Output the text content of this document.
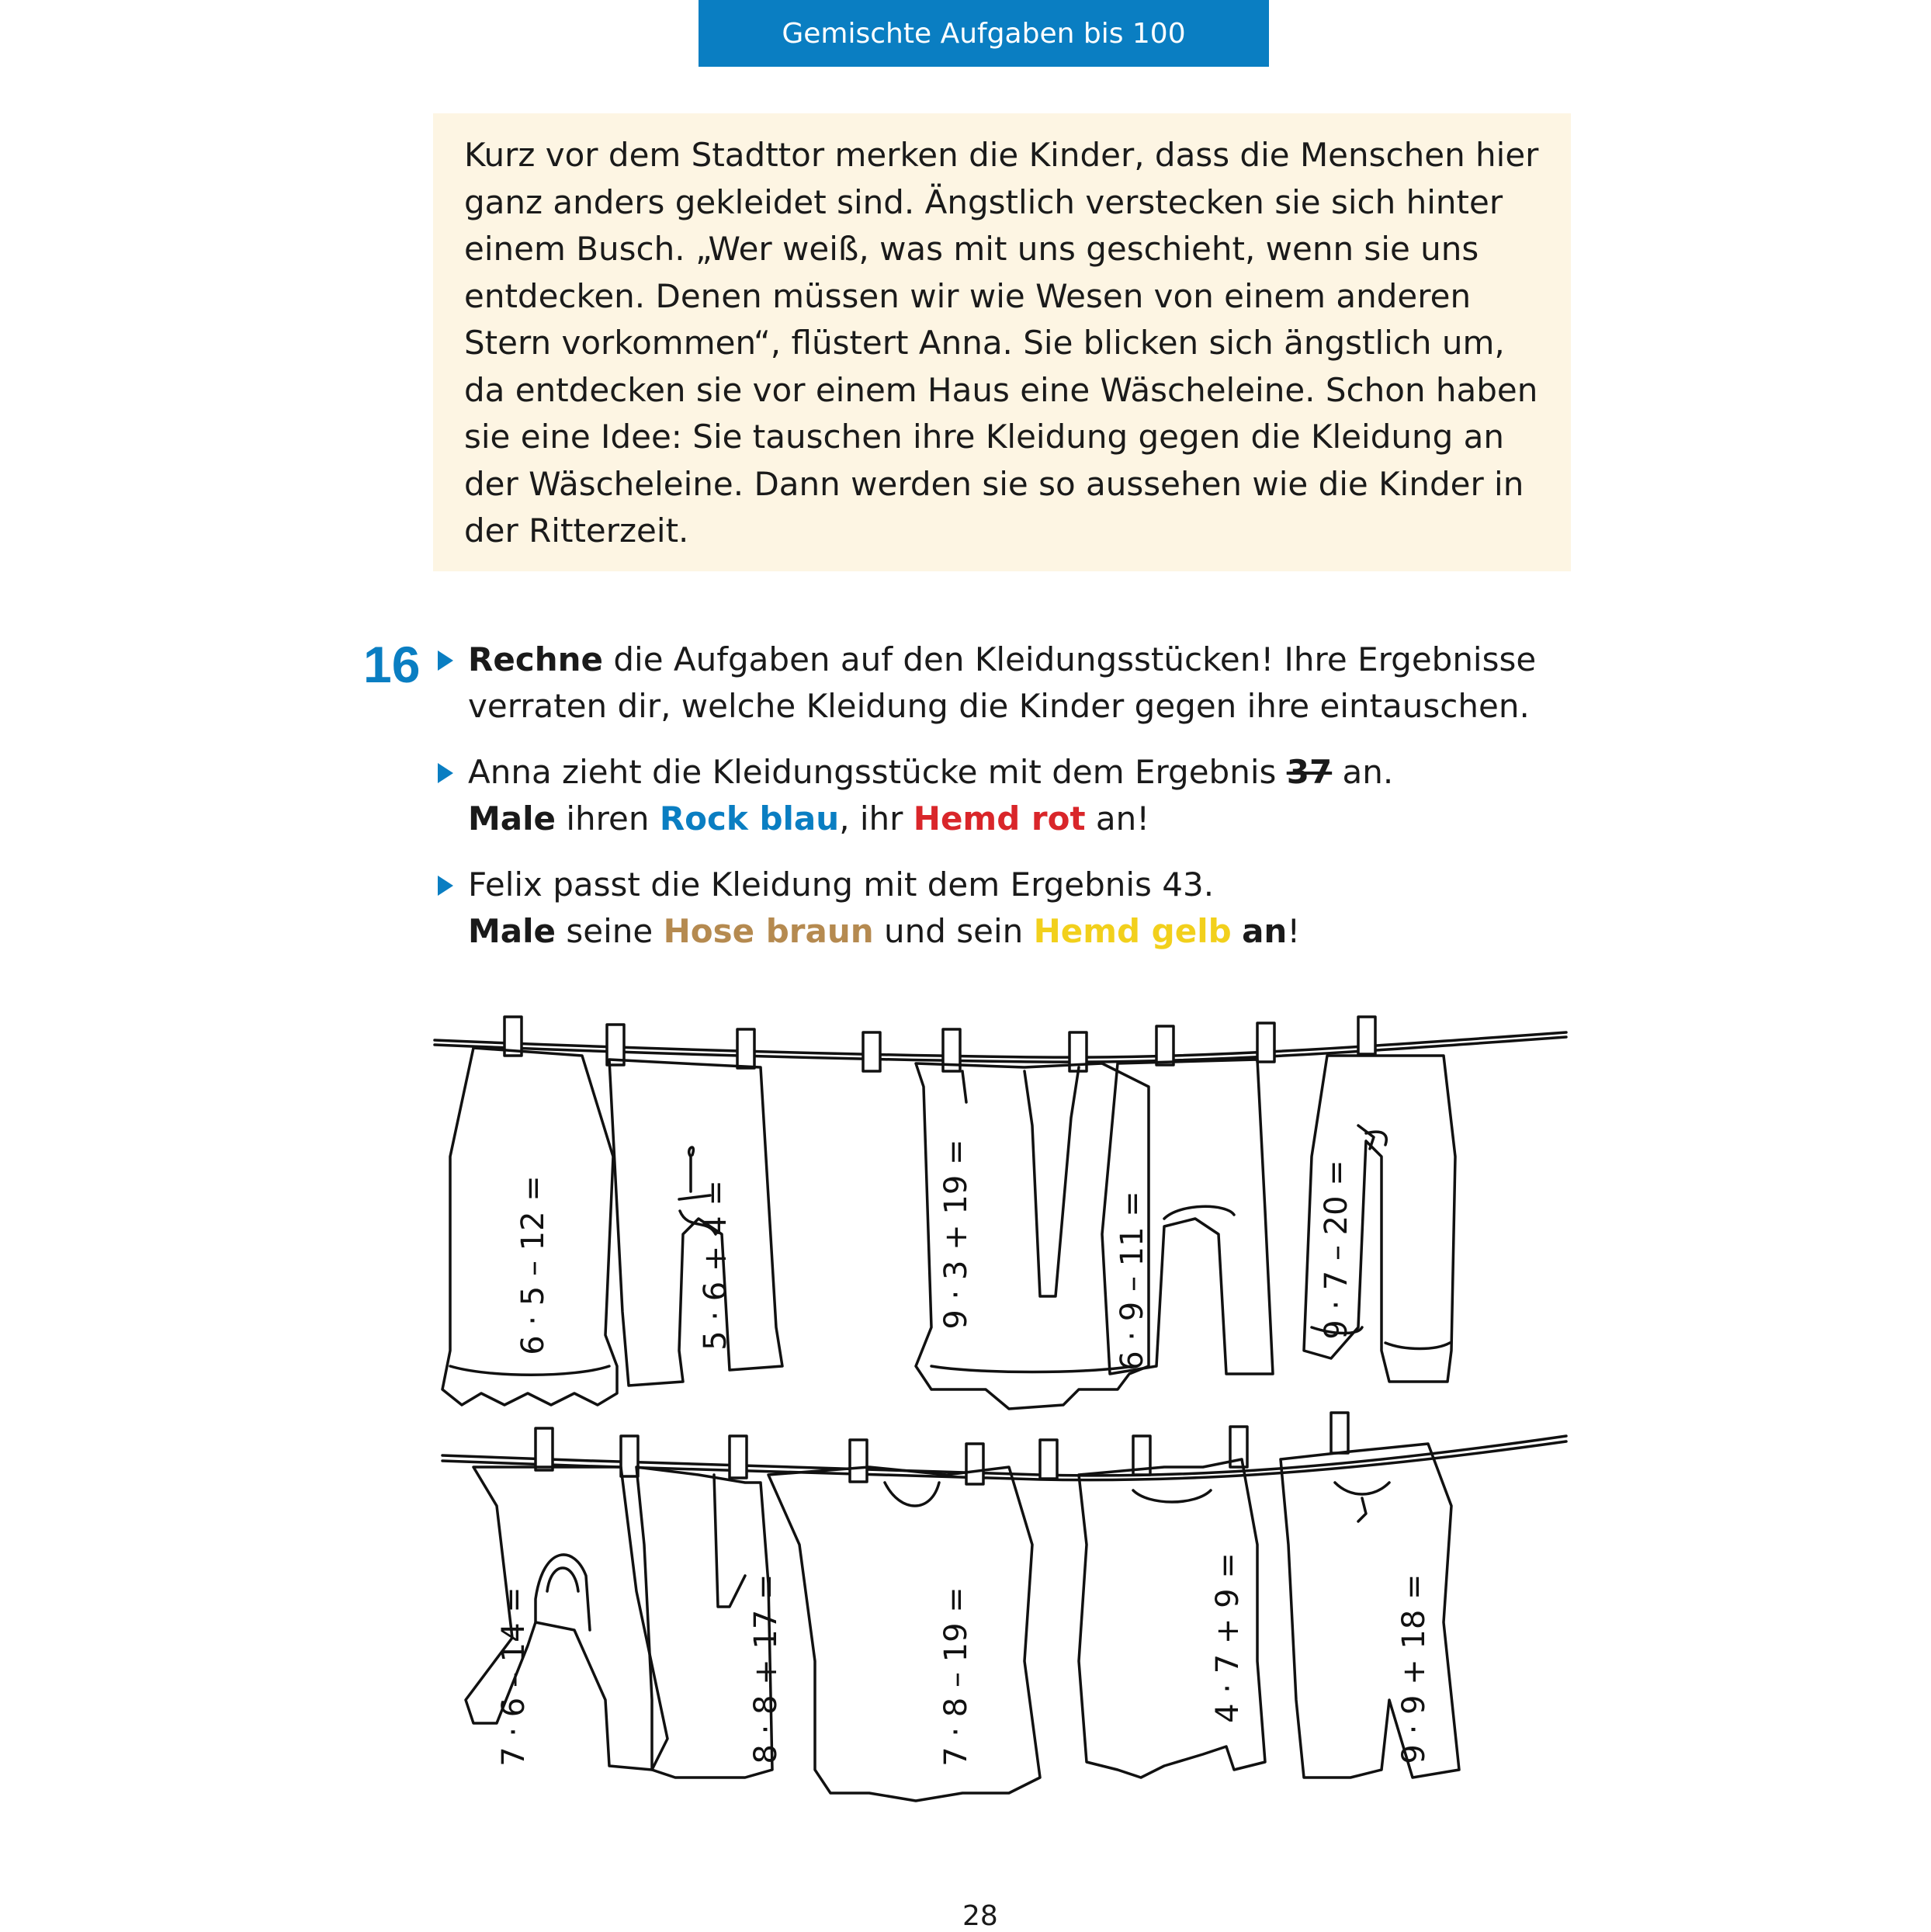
Gemischte Aufgaben bis 100
Kurz vor dem Stadttor merken die Kinder, dass die Menschen hier
ganz anders gekleidet sind. Ängstlich verstecken sie sich hinter
einem Busch. „Wer weiß, was mit uns geschieht, wenn sie uns
entdecken. Denen müssen wir wie Wesen von einem anderen
Stern vorkommen“, flüstert Anna. Sie blicken sich ängstlich um,
da entdecken sie vor einem Haus eine Wäscheleine. Schon haben
sie eine Idee: Sie tauschen ihre Kleidung gegen die Kleidung an
der Wäscheleine. Dann werden sie so aussehen wie die Kinder in
der Ritterzeit.
16 Rechne die Aufgaben auf den Kleidungsstücken! Ihre Ergebnisse
verraten dir, welche Kleidung die Kinder gegen ihre eintauschen.
Anna zieht die Kleidungsstücke mit dem Ergebnis 37 an.
Male ihren Rock blau, ihr Hemd rot an!
Felix passt die Kleidung mit dem Ergebnis 43.
Male seine Hose braun und sein Hemd gelb an!
6 · 5 – 12 =	5 · 6 + 4 =	9 · 3 + 19 =	6 · 9 – 11 =	9 · 7 – 20 =
7 · 6 – 14 =	8 · 8 + 17 =	7 · 8 – 19 =	4 · 7 + 9 =	9 · 9 + 18 =
28
